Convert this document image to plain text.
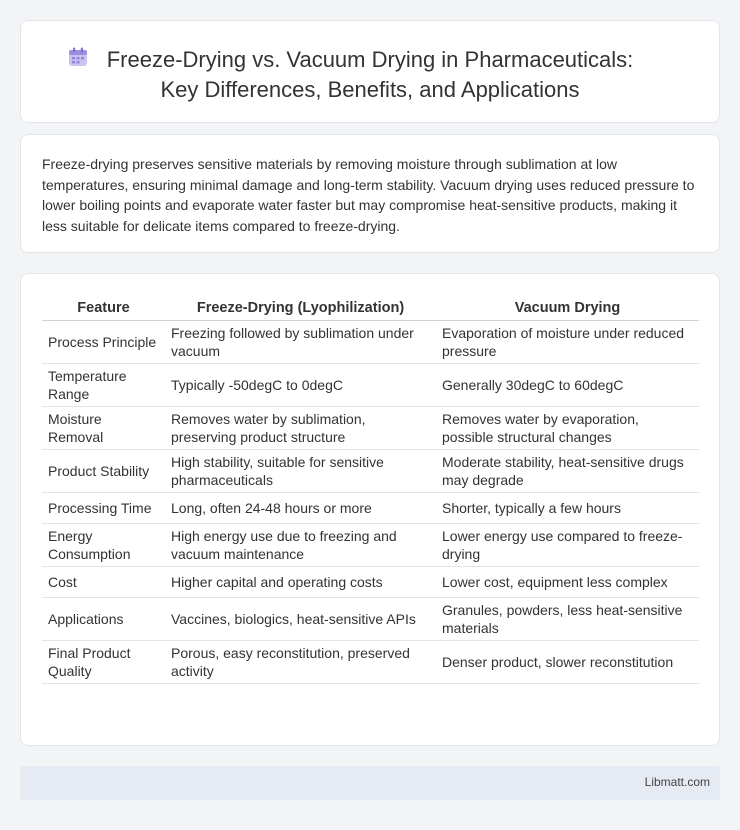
Freeze-Drying vs. Vacuum Drying in Pharmaceuticals:
Key Differences, Benefits, and Applications

Freeze-drying preserves sensitive materials by removing moisture through sublimation at low temperatures, ensuring minimal damage and long-term stability. Vacuum drying uses reduced pressure to lower boiling points and evaporate water faster but may compromise heat-sensitive products, making it less suitable for delicate items compared to freeze-drying.

Feature	Freeze-Drying (Lyophilization)	Vacuum Drying
Process Principle	Freezing followed by sublimation under vacuum	Evaporation of moisture under reduced pressure
Temperature Range	Typically -50degC to 0degC	Generally 30degC to 60degC
Moisture Removal	Removes water by sublimation, preserving product structure	Removes water by evaporation, possible structural changes
Product Stability	High stability, suitable for sensitive pharmaceuticals	Moderate stability, heat-sensitive drugs may degrade
Processing Time	Long, often 24-48 hours or more	Shorter, typically a few hours
Energy Consumption	High energy use due to freezing and vacuum maintenance	Lower energy use compared to freeze-drying
Cost	Higher capital and operating costs	Lower cost, equipment less complex
Applications	Vaccines, biologics, heat-sensitive APIs	Granules, powders, less heat-sensitive materials
Final Product Quality	Porous, easy reconstitution, preserved activity	Denser product, slower reconstitution
Libmatt.com
